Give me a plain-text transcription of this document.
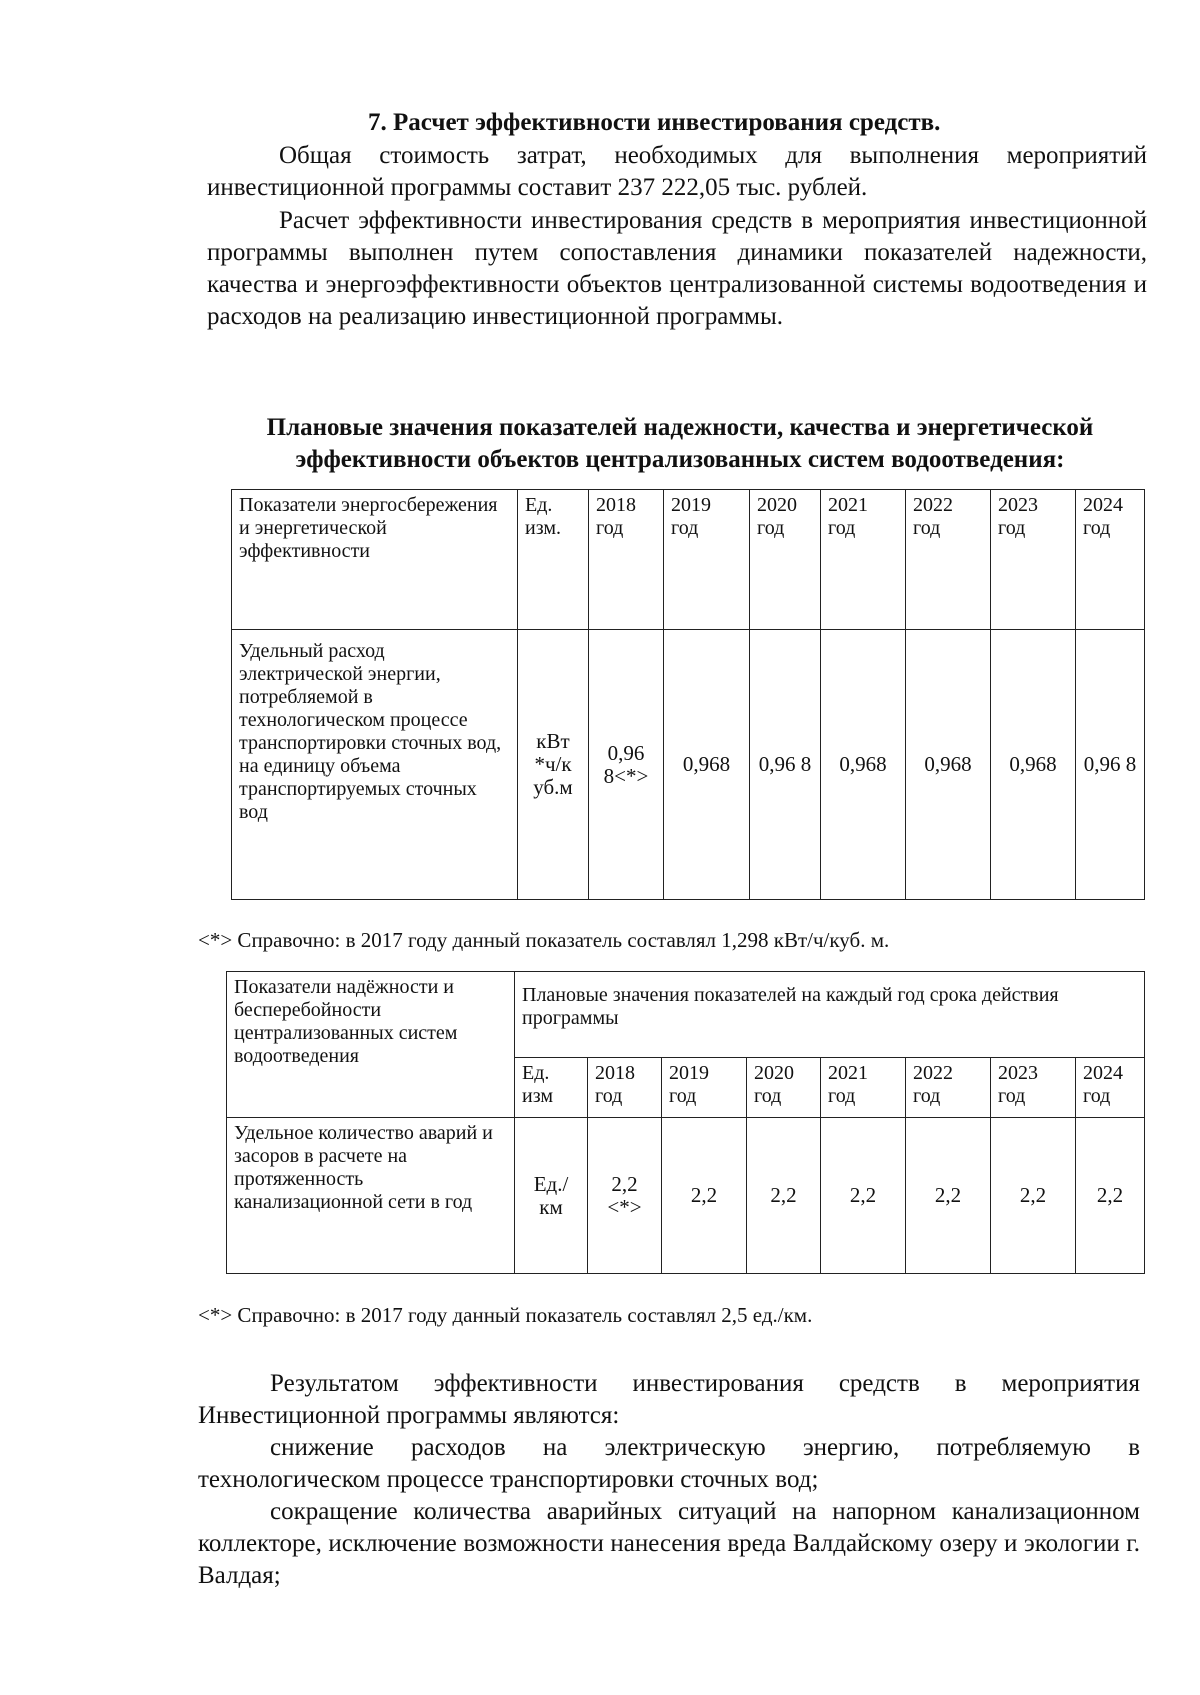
7. Расчет эффективности инвестирования средств.
Общая стоимость затрат, необходимых для выполнения мероприятий инвестиционной программы составит 237 222,05 тыс. рублей.
Расчет эффективности инвестирования средств в мероприятия инвестиционной программы выполнен путем сопоставления динамики показателей надежности, качества и энергоэффективности объектов централизованной системы водоотведения и расходов на реализацию инвестиционной программы.
Плановые значения показателей надежности, качества и энергетической эффективности объектов централизованных систем водоотведения:
Показатели энергосбережения и энергетической эффективности	Ед. изм.	2018 год	2019 год	2020 год	2021 год	2022 год	2023 год	2024 год
Удельный расход электрической энергии, потребляемой в технологическом процессе транспортировки сточных вод, на единицу объема транспортируемых сточных вод	кВт *ч/к уб.м	0,96 8<*>	0,968	0,96 8	0,968	0,968	0,968	0,96 8
<*> Справочно: в 2017 году данный показатель составлял 1,298 кВт/ч/куб. м.
Показатели надёжности и бесперебойности централизованных систем водоотведения	Плановые значения показателей на каждый год срока действия программы							
	Ед. изм	2018 год	2019 год	2020 год	2021 год	2022 год	2023 год	2024 год
Удельное количество аварий и засоров в расчете на протяженность канализационной сети в год	Ед./ км	2,2 <*>	2,2	2,2	2,2	2,2	2,2	2,2
<*> Справочно: в 2017 году данный показатель составлял 2,5 ед./км.
Результатом эффективности инвестирования средств в мероприятия Инвестиционной программы являются:
снижение расходов на электрическую энергию, потребляемую в технологическом процессе транспортировки сточных вод;
сокращение количества аварийных ситуаций на напорном канализационном коллекторе, исключение возможности нанесения вреда Валдайскому озеру и экологии г. Валдая;
